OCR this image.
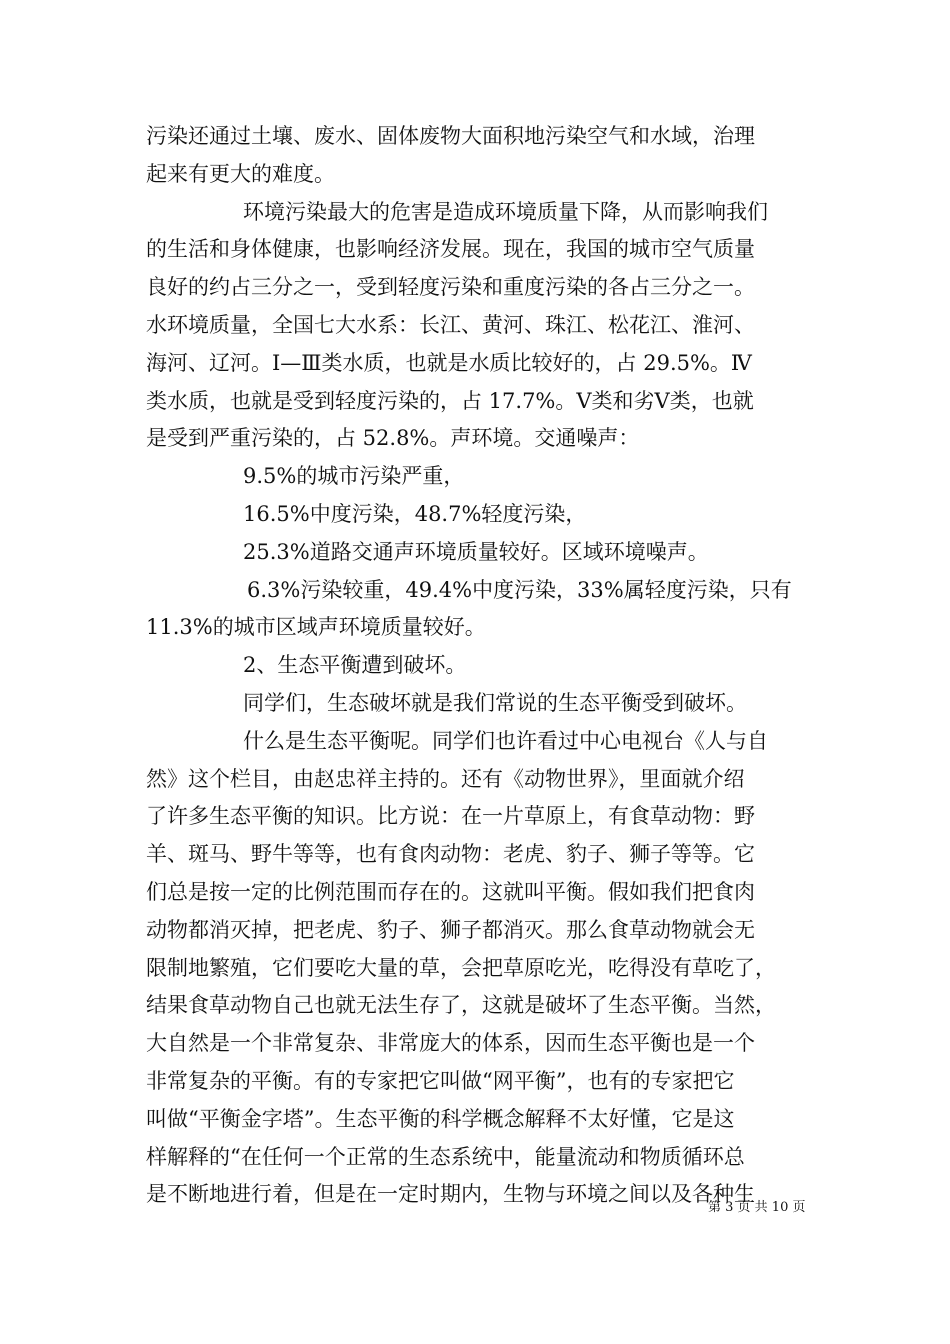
污染还通过土壤、废水、固体废物大面积地污染空气和水域，治理
起来有更大的难度。
环境污染最大的危害是造成环境质量下降，从而影响我们
的生活和身体健康，也影响经济发展。现在，我国的城市空气质量
良好的约占三分之一，受到轻度污染和重度污染的各占三分之一。
水环境质量，全国七大水系：长江、黄河、珠江、松花江、淮河、
海河、辽河。Ⅰ—Ⅲ类水质，也就是水质比较好的，占 29.5%。Ⅳ
类水质，也就是受到轻度污染的，占 17.7%。Ⅴ类和劣Ⅴ类，也就
是受到严重污染的，占 52.8%。声环境。交通噪声：
9.5%的城市污染严重，
16.5%中度污染，48.7%轻度污染，
25.3%道路交通声环境质量较好。区域环境噪声。
6.3%污染较重，49.4%中度污染，33%属轻度污染，只有
11.3%的城市区域声环境质量较好。
2、生态平衡遭到破坏。
同学们，生态破坏就是我们常说的生态平衡受到破坏。
什么是生态平衡呢。同学们也许看过中心电视台《人与自
然》这个栏目，由赵忠祥主持的。还有《动物世界》，里面就介绍
了许多生态平衡的知识。比方说：在一片草原上，有食草动物：野
羊、斑马、野牛等等，也有食肉动物：老虎、豹子、狮子等等。它
们总是按一定的比例范围而存在的。这就叫平衡。假如我们把食肉
动物都消灭掉，把老虎、豹子、狮子都消灭。那么食草动物就会无
限制地繁殖，它们要吃大量的草，会把草原吃光，吃得没有草吃了，
结果食草动物自己也就无法生存了，这就是破坏了生态平衡。当然，
大自然是一个非常复杂、非常庞大的体系，因而生态平衡也是一个
非常复杂的平衡。有的专家把它叫做“网平衡”，也有的专家把它
叫做“平衡金字塔”。生态平衡的科学概念解释不太好懂，它是这
样解释的“在任何一个正常的生态系统中，能量流动和物质循环总
是不断地进行着，但是在一定时期内，生物与环境之间以及各种生
第 3 页 共 10 页
